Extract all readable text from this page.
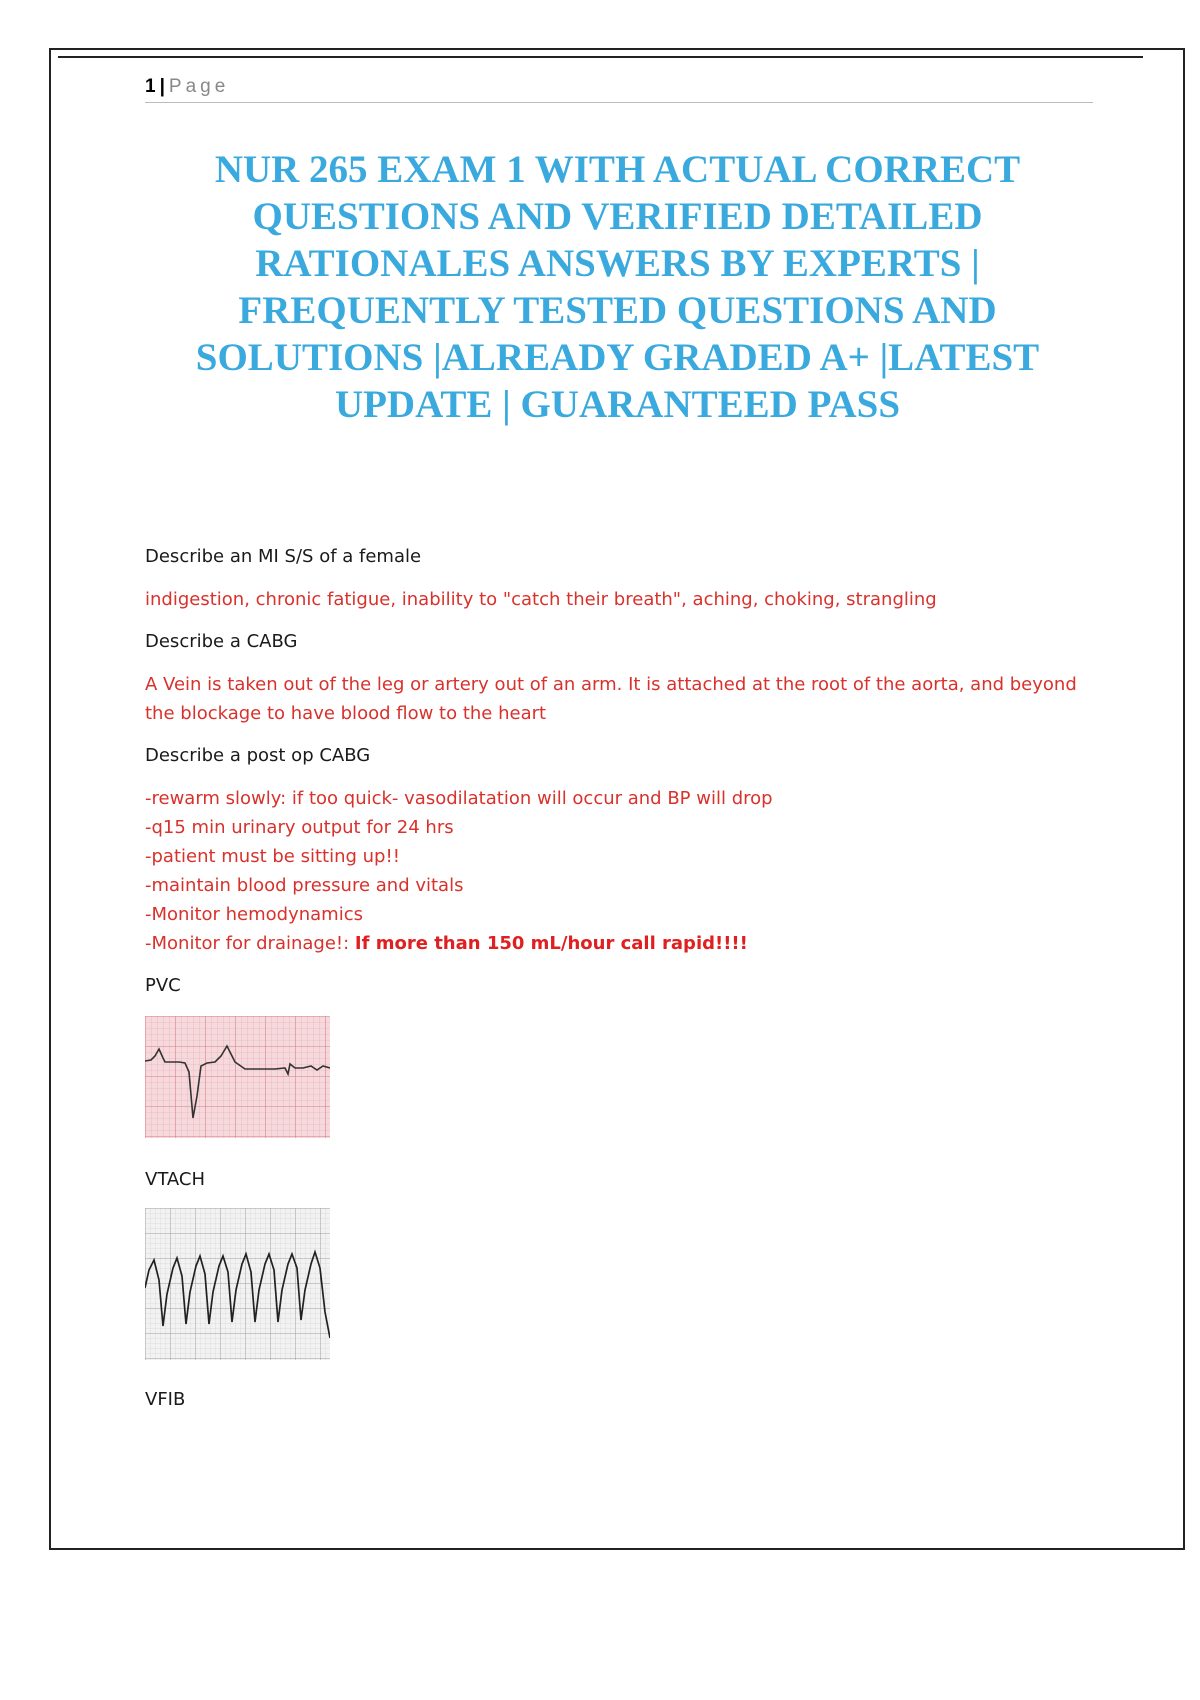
1 | Page
NUR 265 EXAM 1 WITH ACTUAL CORRECT QUESTIONS AND VERIFIED DETAILED RATIONALES ANSWERS BY EXPERTS | FREQUENTLY TESTED QUESTIONS AND SOLUTIONS |ALREADY GRADED A+ |LATEST UPDATE | GUARANTEED PASS

Describe an MI S/S of a female

indigestion, chronic fatigue, inability to "catch their breath", aching, choking, strangling

Describe a CABG

A Vein is taken out of the leg or artery out of an arm. It is attached at the root of the aorta, and beyond the blockage to have blood flow to the heart

Describe a post op CABG

-rewarm slowly: if too quick- vasodilatation will occur and BP will drop
-q15 min urinary output for 24 hrs
-patient must be sitting up!!
-maintain blood pressure and vitals
-Monitor hemodynamics
-Monitor for drainage!: If more than 150 mL/hour call rapid!!!!

PVC

VTACH

VFIB
